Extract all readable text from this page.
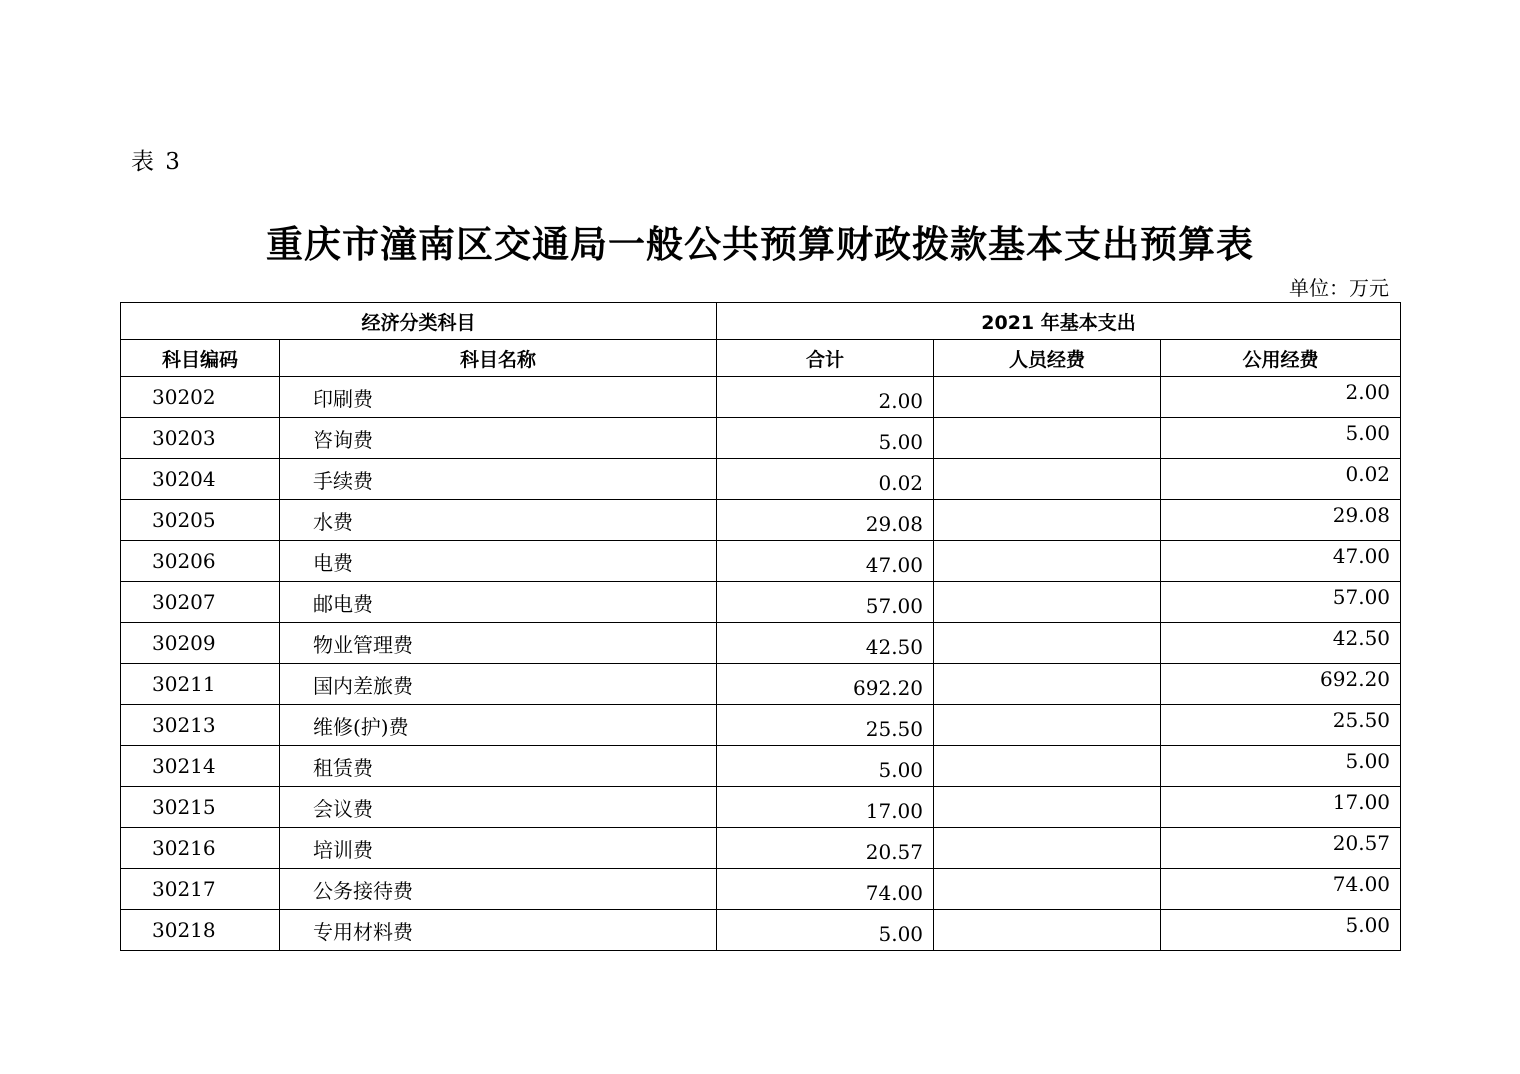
表 3
重庆市潼南区交通局一般公共预算财政拨款基本支出预算表
单位：万元
经济分类科目		2021 年基本支出		
科目编码	科目名称	合计	人员经费	公用经费
30202	印刷费	2.00		2.00
30203	咨询费	5.00		5.00
30204	手续费	0.02		0.02
30205	水费	29.08		29.08
30206	电费	47.00		47.00
30207	邮电费	57.00		57.00
30209	物业管理费	42.50		42.50
30211	国内差旅费	692.20		692.20
30213	维修(护)费	25.50		25.50
30214	租赁费	5.00		5.00
30215	会议费	17.00		17.00
30216	培训费	20.57		20.57
30217	公务接待费	74.00		74.00
30218	专用材料费	5.00		5.00
